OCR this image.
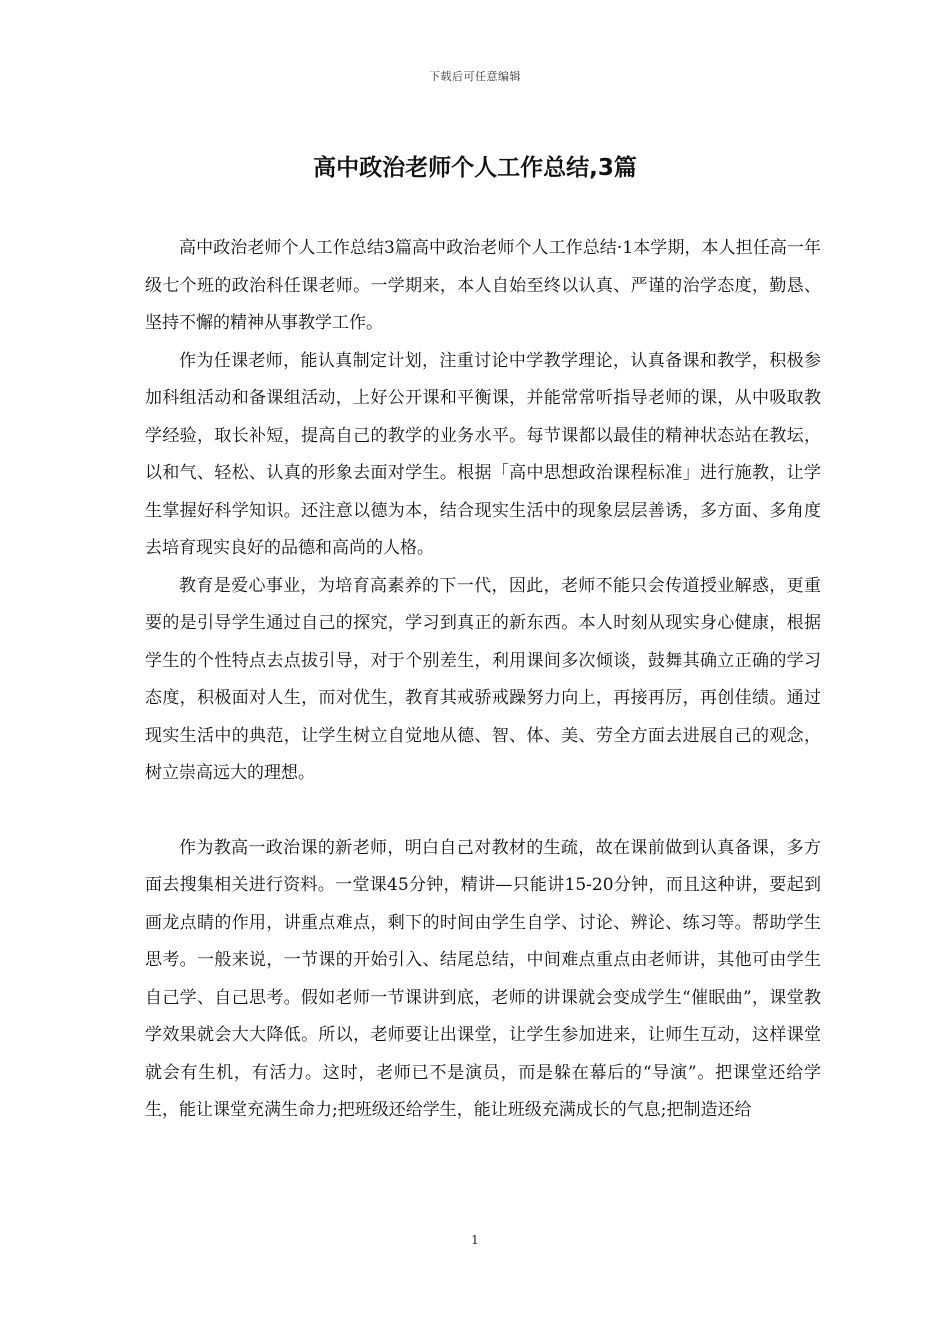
下载后可任意编辑
高中政治老师个人工作总结,3篇

高中政治老师个人工作总结3篇高中政治老师个人工作总结·1本学期，本人担任高一年级七个班的政治科任课老师。一学期来，本人自始至终以认真、严谨的治学态度，勤恳、坚持不懈的精神从事教学工作。

作为任课老师，能认真制定计划，注重讨论中学教学理论，认真备课和教学，积极参加科组活动和备课组活动，上好公开课和平衡课，并能常常听指导老师的课，从中吸取教学经验，取长补短，提高自己的教学的业务水平。每节课都以最佳的精神状态站在教坛，以和气、轻松、认真的形象去面对学生。根据「高中思想政治课程标准」进行施教，让学生掌握好科学知识。还注意以德为本，结合现实生活中的现象层层善诱，多方面、多角度去培育现实良好的品德和高尚的人格。

教育是爱心事业，为培育高素养的下一代，因此，老师不能只会传道授业解惑，更重要的是引导学生通过自己的探究，学习到真正的新东西。本人时刻从现实身心健康，根据学生的个性特点去点拔引导，对于个别差生，利用课间多次倾谈，鼓舞其确立正确的学习态度，积极面对人生，而对优生，教育其戒骄戒躁努力向上，再接再厉，再创佳绩。通过现实生活中的典范，让学生树立自觉地从德、智、体、美、劳全方面去进展自己的观念，树立崇高远大的理想。

作为教高一政治课的新老师，明白自己对教材的生疏，故在课前做到认真备课，多方面去搜集相关进行资料。一堂课45分钟，精讲—只能讲15-20分钟，而且这种讲，要起到画龙点睛的作用，讲重点难点，剩下的时间由学生自学、讨论、辨论、练习等。帮助学生思考。一般来说，一节课的开始引入、结尾总结，中间难点重点由老师讲，其他可由学生自己学、自己思考。假如老师一节课讲到底，老师的讲课就会变成学生“催眠曲”，课堂教学效果就会大大降低。所以，老师要让出课堂，让学生参加进来，让师生互动，这样课堂就会有生机，有活力。这时，老师已不是演员，而是躲在幕后的“导演”。把课堂还给学生，能让课堂充满生命力;把班级还给学生，能让班级充满成长的气息;把制造还给

1
